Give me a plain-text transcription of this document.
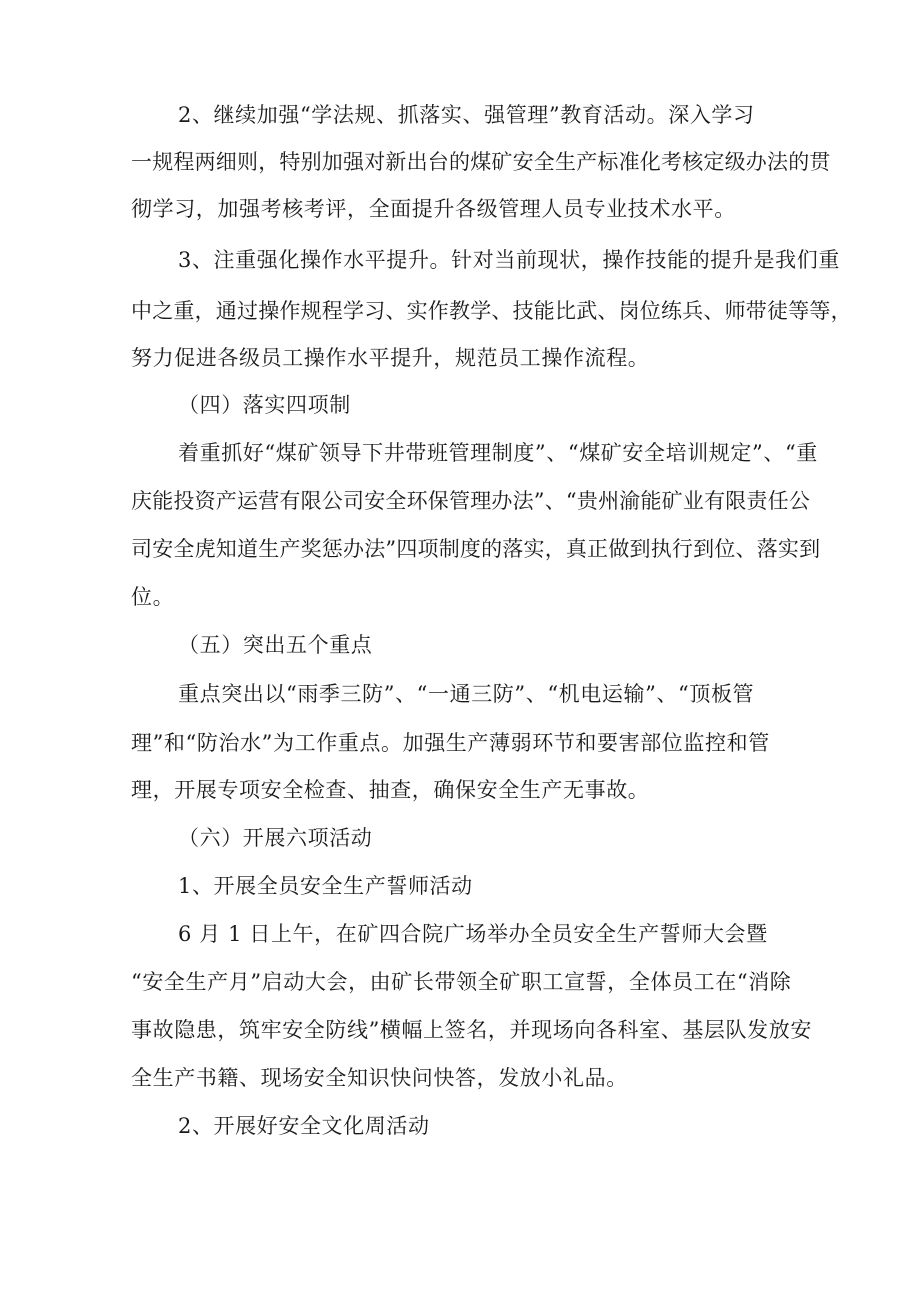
2、继续加强“学法规、抓落实、强管理”教育活动。深入学习
一规程两细则，特别加强对新出台的煤矿安全生产标准化考核定级办法的贯
彻学习，加强考核考评，全面提升各级管理人员专业技术水平。
3、注重强化操作水平提升。针对当前现状，操作技能的提升是我们重
中之重，通过操作规程学习、实作教学、技能比武、岗位练兵、师带徒等等，
努力促进各级员工操作水平提升，规范员工操作流程。
（四）落实四项制
着重抓好“煤矿领导下井带班管理制度”、“煤矿安全培训规定”、“重
庆能投资产运营有限公司安全环保管理办法”、“贵州渝能矿业有限责任公
司安全虎知道生产奖惩办法”四项制度的落实，真正做到执行到位、落实到
位。
（五）突出五个重点
重点突出以“雨季三防”、“一通三防”、“机电运输”、“顶板管
理”和“防治水”为工作重点。加强生产薄弱环节和要害部位监控和管
理，开展专项安全检查、抽查，确保安全生产无事故。
（六）开展六项活动
1、开展全员安全生产誓师活动
6 月 1 日上午，在矿四合院广场举办全员安全生产誓师大会暨
“安全生产月”启动大会，由矿长带领全矿职工宣誓，全体员工在“消除
事故隐患，筑牢安全防线”横幅上签名，并现场向各科室、基层队发放安
全生产书籍、现场安全知识快问快答，发放小礼品。
2、开展好安全文化周活动
